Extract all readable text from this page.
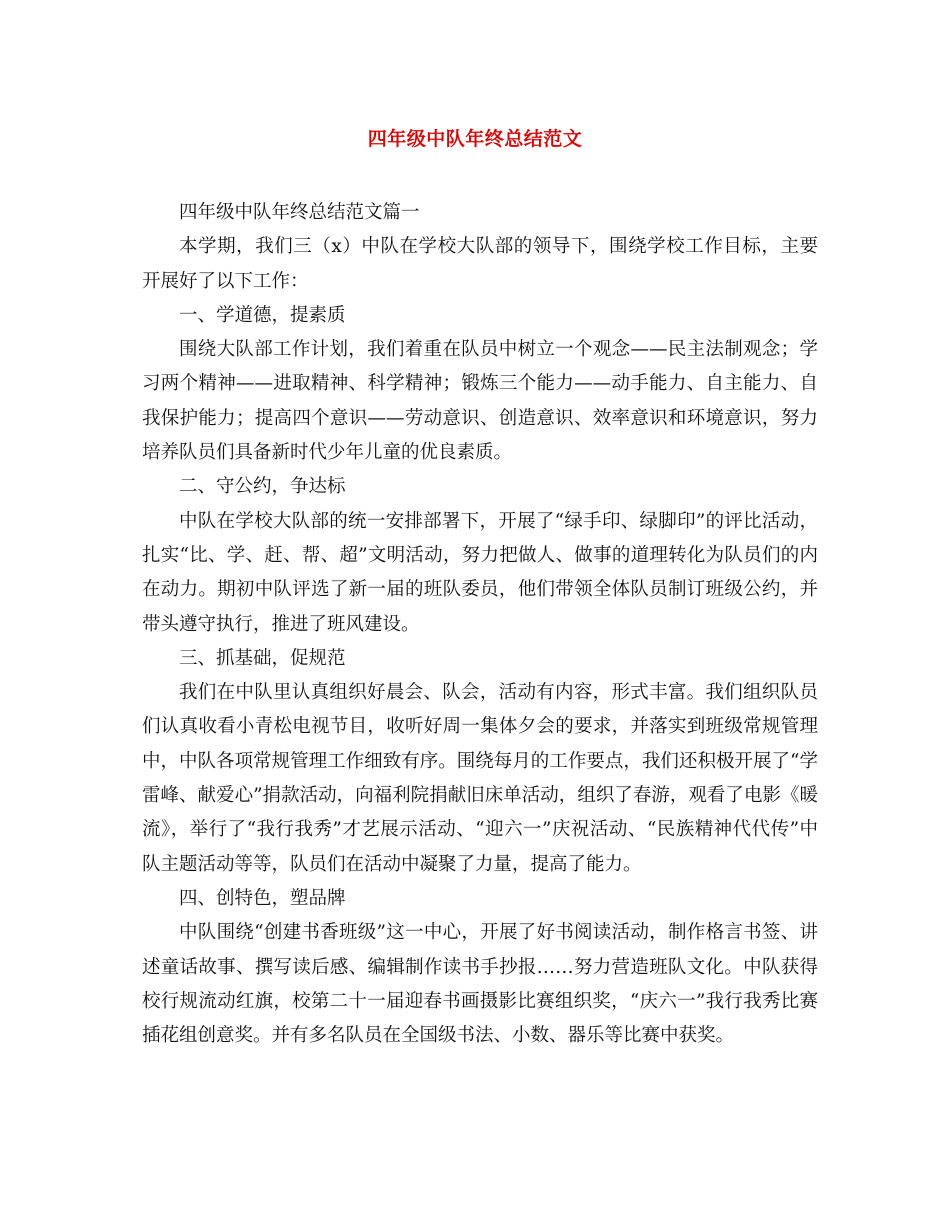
四年级中队年终总结范文

四年级中队年终总结范文篇一

本学期，我们三（x）中队在学校大队部的领导下，围绕学校工作目标，主要开展好了以下工作：

一、学道德，提素质

围绕大队部工作计划，我们着重在队员中树立一个观念——民主法制观念；学习两个精神——进取精神、科学精神；锻炼三个能力——动手能力、自主能力、自我保护能力；提高四个意识——劳动意识、创造意识、效率意识和环境意识，努力培养队员们具备新时代少年儿童的优良素质。

二、守公约，争达标

中队在学校大队部的统一安排部署下，开展了“绿手印、绿脚印”的评比活动，扎实“比、学、赶、帮、超”文明活动，努力把做人、做事的道理转化为队员们的内在动力。期初中队评选了新一届的班队委员，他们带领全体队员制订班级公约，并带头遵守执行，推进了班风建设。

三、抓基础，促规范

我们在中队里认真组织好晨会、队会，活动有内容，形式丰富。我们组织队员们认真收看小青松电视节目，收听好周一集体夕会的要求，并落实到班级常规管理中，中队各项常规管理工作细致有序。围绕每月的工作要点，我们还积极开展了“学雷峰、献爱心”捐款活动，向福利院捐献旧床单活动，组织了春游，观看了电影《暖流》，举行了“我行我秀”才艺展示活动、“迎六一”庆祝活动、“民族精神代代传”中队主题活动等等，队员们在活动中凝聚了力量，提高了能力。

四、创特色，塑品牌

中队围绕“创建书香班级”这一中心，开展了好书阅读活动，制作格言书签、讲述童话故事、撰写读后感、编辑制作读书手抄报……努力营造班队文化。中队获得校行规流动红旗，校第二十一届迎春书画摄影比赛组织奖，“庆六一”我行我秀比赛插花组创意奖。并有多名队员在全国级书法、小数、器乐等比赛中获奖。
